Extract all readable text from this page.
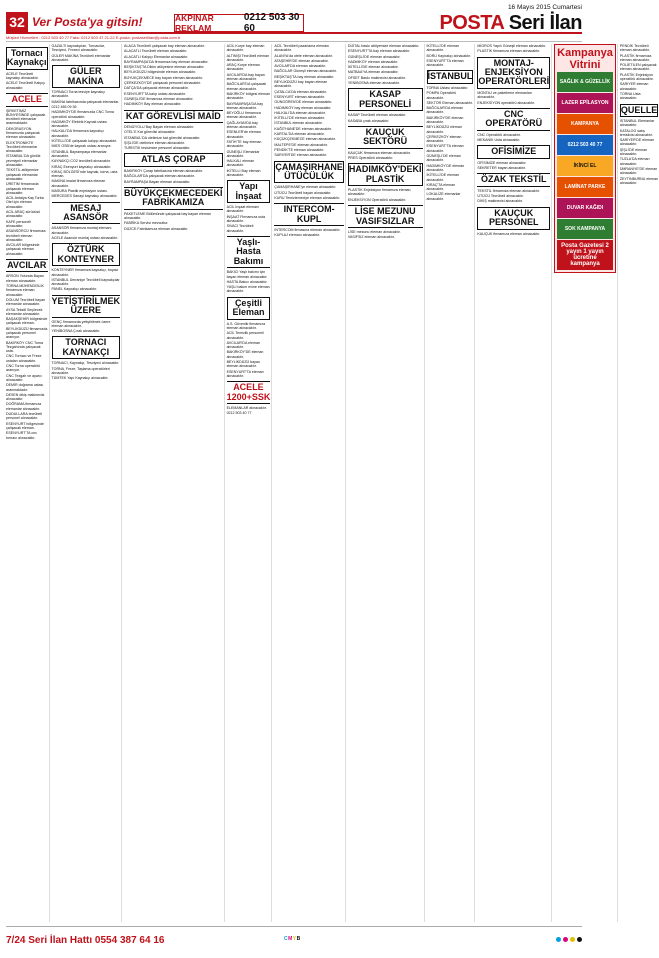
16 Mayıs 2015 Cumartesi
32 Ver Posta'ya gitsin!	AKPINAR REKLAM
0212 503 30 60	POSTA Seri İlan
Müşteri Hizmetleri : 0212 503 40 77 Faks: 0212 503 47 21-22 E-posta: postaseriilan@posta.com.tr
Tornacı Kaynakçı

ACELE Tecrübeli kaynakçı alınacaktır.

ACELE Tecrübeli Kalıpçı alınacaktır.

ACELE

ŞİRKETİMİZ BÜNYESİNDE çalışacak tecrübeli elemanlar aranmaktadır.

DEKORASYON firmamızda çalışacak eleman alınacaktır.

ELEKTRONİKTE Tecrübeli elemanlar alınacaktır.

İSTANBUL'DA günlük yevmiyeli elemanlar alınacaktır.

TEKSTİL atölyemize çalışacak elemanlar alınacaktır.

ÜRETİM firmamızda çalışacak eleman alınacaktır.

ACİL Antalya Kaş Torba Otel için eleman alınacaktır.

ACİL ARAÇ sürücüsü alınacaktır.

KAFE personeli alınacaktır.

ASANSÖRCÜ firmamıza tecrübeli eleman alınacaktır.

AVCILAR bölgesinde çalışacak eleman alınacaktır.

AVCILAR

ARSON Yolunda Bayan eleman alınacaktır.

TORNA MÜHENDİSLİK firmamıza eleman alınacaktır.

DOLUM Tecrübeli bayan elemanlar alınacaktır.

AYSA Tekstil Seçilecek elemanlar alınacaktır.

BAŞAKŞEHİR bölgesinde çalışacak eleman.

BEYLİKDÜZÜ firmamızda çalışacak personel aranıyor.

BAKIRKÖY CNC Torna Tezgahında çalışacak usta.

CNC Tornacı ve Freze ustaları alınacaktır.

CNC Torna operatörü aranıyor.

CNC Tezgah ve ayarcı alınacaktır.

DEMİR doğrama ustası aranmaktadır.

DESEN dikiş makinecisi alınacaktır.

DOĞRAMA firmamıza elemanlar alınacaktır.

DUDULLARA tecrübeli personel alınacaktır.

ESENYURT bölgesinde çalışacak eleman.

ESENYURT'TA cnc tornacı alınacaktır.

GAZALTI kaynakçıları, Tornacılar, Tesviyeci, Frezeci alınacaktır.

GÜLER MAKİNA Tecrübeli elemanlar alınacaktır.

GÜLER MAKİNA

TORNACI Torna tesviye kaynakçı alınacaktır.

MAKİNA fabrikasında çalışacak elemanlar.

0212 485 09 36

HADIMKÖY'DE firmamızda CNC Torna operatörü alınacaktır.

HADIMKÖY Elektrik Kaynak ustası alınacaktır.

HALKALI'DA firmamıza kaynakçı alınacaktır.

İKİTELLİ'DE çalışacak kalıpçı alınacaktır.

İMES OSB'de kaynak ustası aranıyor.

İSTANBUL Bayrampaşa elemanlar alınacaktır.

KAYNAKÇI CO2 tecrübeli alınacaktır.

KIRAÇ Esenyurt kaynakçı alınacaktır.

KIRAÇ BÖLGESİ'nde kaynak, torna, usta eleman.

MAKİNA imalat firmamıza eleman alınacaktır.

MASURA Plastik enjeksiyon ustası.

MERCEDES Sanayi kaynakçı alınacaktır.

MESAJ ASANSÖR

ASANSÖR firmamıza montaj elemanı alınacaktır.

ACELE Asansör montaj ustası alınacaktır.

ÖZTÜRK KONTEYNER

KONTEYNER firmamıza kaynakçı, boyacı alınacaktır.

İSTANBUL Ümraniye Tecrübeli kaynakçılar alınacaktır.

PANEL Kaynakçı alınacaktır.

YETİŞTİRİLMEK ÜZERE

GENÇ firmamızda yetiştirilmek üzere eleman alınacaktır.

YENİBOSNA Çırak alınacaktır.

TORNACI KAYNAKÇI

TORNACI, Kaynakçı, Tesviyeci alınacaktır.

TORNA, Freze, Taşlama operatörleri alınacaktır.

TÜMTEK Yapı Kaynakçı alınacaktır.

ALACA Tecrübeli çalışacak bay eleman alınacaktır.

ALACATLI Tecrübeli eleman alınacaktır.

ALACATLI Kalıpçı Elemanlar alınacaktır.

BAYRAMPAŞA'DA firmamıza bay eleman alınacaktır.

BEŞİKTAŞ'TA Dikim atölyesine eleman alınacaktır.

BEYLİKDÜZÜ bölgesinde eleman alınacaktır.

BÜYÜKÇEKMECE bay bayan eleman alınacaktır.

ÇERKEZKÖY'DE çalışacak personel alınacaktır.

DATÇA'DA çalışacak eleman alınacaktır.

ESENYURT'TA kalıp ustası alınacaktır.

GÜNEŞLİ'DE firmamıza eleman alınacaktır.

HADIMKÖY Bay eleman alınacaktır.

KAT GÖREVLİSİ MAİD

DENİZYOLU Bay Bayan eleman alınacaktır.

OTEL'E Kat görevlisi alınacaktır.

İSTANBUL'DA otelimize kat görevlisi alınacaktır.

ŞİŞLİ'DE otelimize eleman alınacaktır.

TURİSTİK tesisimize personel alınacaktır.

ATLAS ÇORAP

BAKIRKÖY Çorap fabrikasına eleman alınacaktır.

BAĞCILAR'DA çalışacak eleman alınacaktır.

BAYRAMPAŞA Bayan eleman alınacaktır.

BÜYÜKÇEKMECEDEKİ FABRİKAMIZA

PAKETLEME Bölümünde çalışacak bay bayan eleman alınacaktır.

FABRİKA Servisi mevcuttur.

DÜZCE Fabrikamıza eleman alınacaktır.

ACİL Kurye bay eleman alınacaktır.

ALTINİŞI Tecrübeli eleman alınacaktır.

ARAÇ Kurye eleman alınacaktır.

AVCILAR'DA bay bayan eleman alınacaktır.

BAĞCILAR'DA çalışacak eleman alınacaktır.

BAKIRKÖY bölgesi eleman alınacaktır.

BAYRAMPAŞA'DA bay eleman alınacaktır.

BEYOĞLU firmamıza eleman alınacaktır.

ÇAĞLAYAN'DA bay eleman alınacaktır.

ESENLER'de eleman alınacaktır.

FATİH'TE bay eleman alınacaktır.

GÜNEŞLİ Elemanlar alınacaktır.

HALKALI eleman alınacaktır.

İKİTELLİ Bay eleman alınacaktır.

Yapı İnşaat

ACİL İnşaat elemanı alınacaktır.

İNŞAAT Firmamıza usta alınacaktır.

SIVACI Tecrübeli alınacaktır.

Yaşlı-Hasta Bakımı

BAKICI Yaşlı bakımı için bayan eleman alınacaktır.

HASTA Bakıcı alınacaktır.

YAŞLI bakım evine eleman alınacaktır.

Çeşitli Eleman

A.S. Güvenlik firmamıza eleman alınacaktır.

ACİL Temizlik personeli alınacaktır.

AVCILAR'DA eleman alınacaktır.

BAKIRKÖY'DE eleman alınacaktır.

BEYLİKDÜZÜ bayan eleman alınacaktır.

ESENYURT'TA eleman alınacaktır.

ACELE 1200+SSK

ELEMANLAR alınacaktır.

0212 503 40 77

ACİL Tecrübeli pazarlama elemanı alınacaktır.

ALANYA'da otele eleman alınacaktır.

ATAŞEHİR'DE eleman alınacaktır.

AVCILAR'DA eleman alınacaktır.

BAĞCILAR Güneşli eleman alınacaktır.

BEŞİKTAŞ'TA bay eleman alınacaktır.

BEYLİKDÜZÜ bay bayan eleman alınacaktır.

ÇATALCA'DA eleman alınacaktır.

ESENYURT eleman alınacaktır.

GÜNGÖREN'DE eleman alınacaktır.

HADIMKÖY bay eleman alınacaktır.

HALKALI'DA eleman alınacaktır.

İKİTELLİ'DE eleman alınacaktır.

İSTANBUL eleman alınacaktır.

KAĞITHANE'DE eleman alınacaktır.

KARTAL'DA eleman alınacaktır.

KÜÇÜKÇEKMECE eleman alınacaktır.

MALTEPE'DE eleman alınacaktır.

PENDİK'TE eleman alınacaktır.

SARIYER'DE eleman alınacaktır.

ÇAMAŞIRHANE ÜTÜCÜLÜK

ÇAMAŞIRHANE'ye eleman alınacaktır.

ÜTÜCÜ Tecrübeli bayan alınacaktır.

KURU Temizlemeciye eleman alınacaktır.

INTERCOM-KUPL

INTERCOM firmasına eleman alınacaktır.

KUPLAJ elemanı alınacaktır.

DİJİTAL baskı atölyemize eleman alınacaktır.

ESENYURT'TA bay eleman alınacaktır.

GÜNEŞLİ'DE eleman alınacaktır.

HADIMKÖY eleman alınacaktır.

İKİTELLİ'DE eleman alınacaktır.

MATBAA'YA eleman alınacaktır.

OFSET Baskı makinecisi alınacaktır.

YENİBOSNA eleman alınacaktır.

KASAP PERSONELİ

KASAP Tecrübeli eleman alınacaktır.

KASABA çırak alınacaktır.

KAUÇUK SEKTÖRÜ

KAUÇUK firmamıza eleman alınacaktır.

PRES Operatörü alınacaktır.

HADIMKÖY'DEKİ PLASTİK

PLASTİK Enjeksiyon firmamıza eleman alınacaktır.

ENJEKSİYON Operatörü alınacaktır.

LİSE MEZUNU VASIFSIZLAR

LİSE mezunu eleman alınacaktır.

VASIFSIZ eleman alınacaktır.

İKİTELLİ'DE eleman alınacaktır.

BORU Kaynakçı alınacaktır.

ESENYURT'TA eleman alınacaktır.

İSTANBUL

TORNA Ustası alınacaktır.

POMPA Operatörü alınacaktır.

SEKTÖR Eleman alınacaktır.

BAĞCILAR'DA eleman alınacaktır.

BAKIRKÖY'DE eleman alınacaktır.

BEYLİKDÜZÜ eleman alınacaktır.

ÇERKEZKÖY eleman alınacaktır.

ESENYURT'TA eleman alınacaktır.

GÜNEŞLİ'DE eleman alınacaktır.

HADIMKÖY'DE eleman alınacaktır.

İKİTELLİ'DE eleman alınacaktır.

KIRAÇ'TA eleman alınacaktır.

LOKALİZE elemanlar alınacaktır.

MİGROS Yapılı Güneşli eleman alınacaktır.

PLASTİK firmamıza eleman alınacaktır.

MONTAJ-ENJEKSİYON OPERATÖRLERİ

MONTAJ ve paketleme elemanları alınacaktır.

ENJEKSİYON operatörü alınacaktır.

CNC OPERATÖRÜ

CNC Operatörü alınacaktır.

MEKANİK Usta alınacaktır.

OFİSİMİZE

OFİSİMİZE eleman alınacaktır.

SEKRETER bayan alınacaktır.

ÖZAK TEKSTİL

TEKSTİL firmamıza eleman alınacaktır.

ÜTÜCÜ Tecrübeli alınacaktır.

DİKİŞ makinecisi alınacaktır.

KAUÇUK PERSONEL

KAUÇUK firmamıza eleman alınacaktır.

Kampanya Vitrini
SAĞLIK & GÜZELLİK
LAZER EPİLASYON
KAMPANYA
0212 503 40 77
İKİNCİ EL
LAMİNAT PARKE
DUVAR KAĞIDI
SOK KAMPANYA
Posta Gazetesi 2 yayın 1 yayın ücretine kampanya

PENDİK Tecrübeli eleman alınacaktır.

PLASTİK firmamıza eleman alınacaktır.

POLİETİLEN çalışacak eleman alınacaktır.

PLASTİK Enjeksiyon operatörü alınacaktır.

SARIYER eleman alınacaktır.

TORNA Usta alınacaktır.

QUELLE

İSTANBUL Elemanlar alınacaktır.

KATALOG satış temsilcisi alınacaktır.

SARIYER'DE eleman alınacaktır.

ŞİŞLİ'DE eleman alınacaktır.

TUZLA'DA eleman alınacaktır.

ÜMRANİYE'DE eleman alınacaktır.

ZEYTİNBURNU eleman alınacaktır.

7/24 Seri İlan Hattı 0554 387 64 16	CMYB
